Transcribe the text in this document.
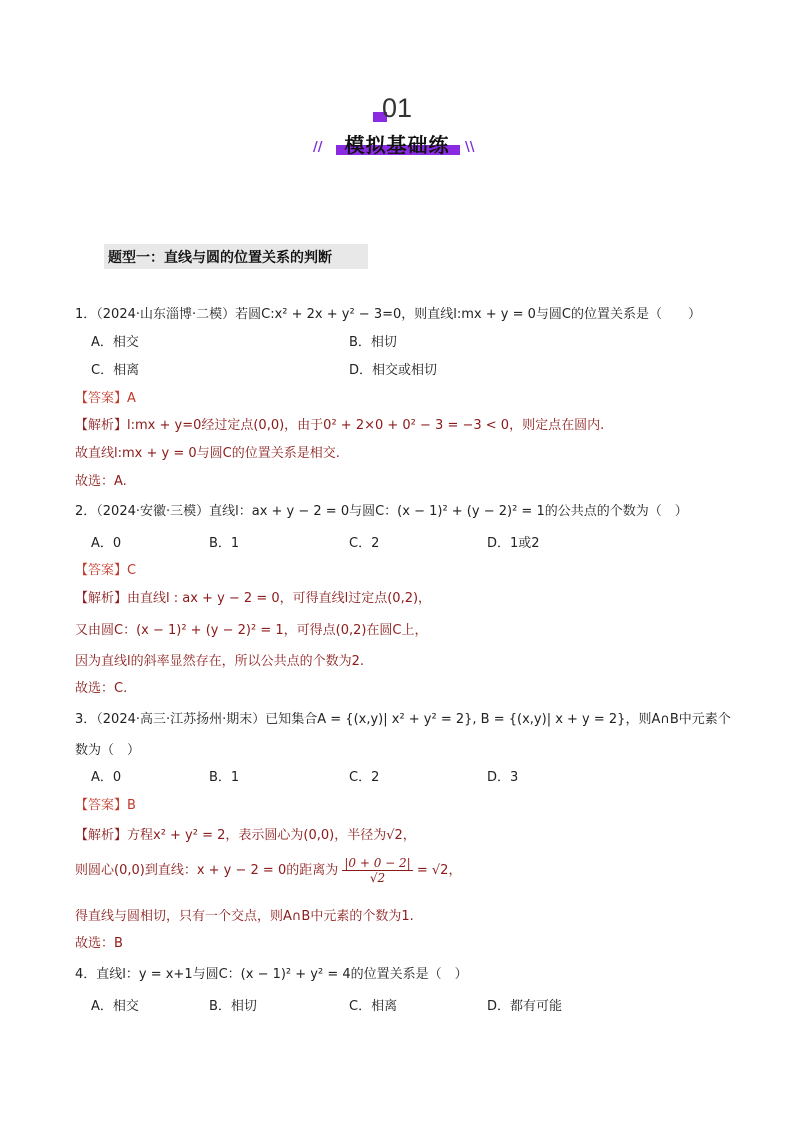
01
//	模拟基础练	\\
题型一：直线与圆的位置关系的判断
1．（2024·山东淄博·二模）若圆C:x² + 2x + y² − 3=0，则直线l:mx + y = 0与圆C的位置关系是（　　）
A．相交	B．相切
C．相离	D．相交或相切
【答案】A
【解析】l:mx + y=0经过定点(0,0)，由于0² + 2×0 + 0² − 3 = −3 < 0，则定点在圆内.
故直线l:mx + y = 0与圆C的位置关系是相交.
故选：A.
2．（2024·安徽·三模）直线l：ax + y − 2 = 0与圆C：(x − 1)² + (y − 2)² = 1的公共点的个数为（　）
A．0	B．1	C．2	D．1或2
【答案】C
【解析】由直线l : ax + y − 2 = 0，可得直线l过定点(0,2)，
又由圆C：(x − 1)² + (y − 2)² = 1，可得点(0,2)在圆C上，
因为直线l的斜率显然存在，所以公共点的个数为2.
故选：C.
3．（2024·高三·江苏扬州·期末）已知集合A = {(x,y)| x² + y² = 2}, B = {(x,y)| x + y = 2}，则A∩B中元素个
数为（　）
A．0	B．1	C．2	D．3
【答案】B
【解析】方程x² + y² = 2，表示圆心为(0,0)，半径为√2，
则圆心(0,0)到直线：x + y − 2 = 0的距离为 $\frac{|0 + 0 - 2|}{√2} = √2$，
得直线与圆相切，只有一个交点，则A∩B中元素的个数为1.
故选：B
4．直线l：y = x+1与圆C：(x − 1)² + y² = 4的位置关系是（　）
A．相交	B．相切	C．相离	D．都有可能
